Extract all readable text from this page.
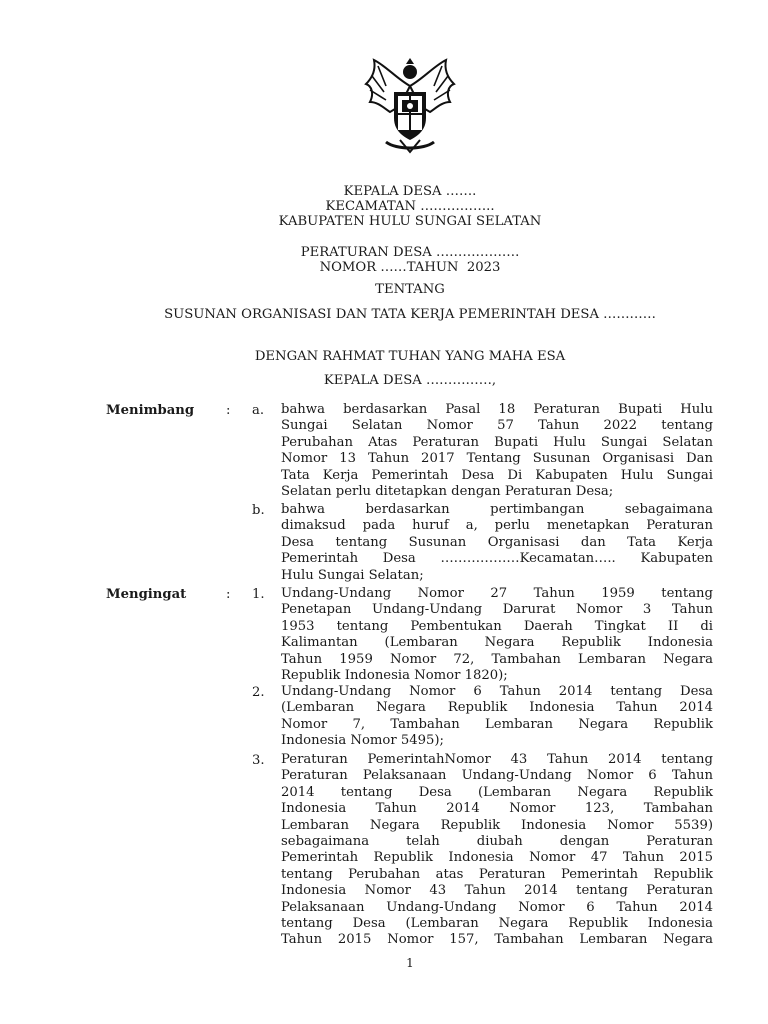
KEPALA DESA …….
KECAMATAN ……………..
KABUPATEN HULU SUNGAI SELATAN
PERATURAN DESA ……………….
NOMOR ……TAHUN  2023
TENTANG
SUSUNAN ORGANISASI DAN TATA KERJA PEMERINTAH DESA …………
DENGAN RAHMAT TUHAN YANG MAHA ESA
KEPALA DESA ……………,
Menimbang : a. bahwa berdasarkan Pasal 18 Peraturan Bupati Hulu
Sungai Selatan Nomor 57 Tahun 2022 tentang
Perubahan Atas Peraturan Bupati Hulu Sungai Selatan
Nomor 13 Tahun 2017 Tentang Susunan Organisasi Dan
Tata Kerja Pemerintah Desa Di Kabupaten Hulu Sungai
Selatan perlu ditetapkan dengan Peraturan Desa;
b. bahwa berdasarkan pertimbangan sebagaimana
dimaksud pada huruf a, perlu menetapkan Peraturan
Desa tentang Susunan Organisasi dan Tata Kerja
Pemerintah Desa ………………Kecamatan….. Kabupaten
Hulu Sungai Selatan;
Mengingat	: 1. Undang-Undang Nomor 27 Tahun 1959 tentang
Penetapan Undang-Undang Darurat Nomor 3 Tahun
1953 tentang Pembentukan Daerah Tingkat II di
Kalimantan (Lembaran Negara Republik Indonesia
Tahun 1959 Nomor 72, Tambahan Lembaran Negara
Republik Indonesia Nomor 1820);
2. Undang-Undang Nomor 6 Tahun 2014 tentang Desa
(Lembaran Negara Republik Indonesia Tahun 2014
Nomor 7, Tambahan Lembaran Negara Republik
Indonesia Nomor 5495);
3. Peraturan PemerintahNomor 43 Tahun 2014 tentang
Peraturan Pelaksanaan Undang-Undang Nomor 6 Tahun
2014 tentang Desa (Lembaran Negara Republik
Indonesia Tahun 2014 Nomor 123, Tambahan
Lembaran Negara Republik Indonesia Nomor 5539)
sebagaimana telah diubah dengan Peraturan
Pemerintah Republik Indonesia Nomor 47 Tahun 2015
tentang Perubahan atas Peraturan Pemerintah Republik
Indonesia Nomor 43 Tahun 2014 tentang Peraturan
Pelaksanaan Undang-Undang Nomor 6 Tahun 2014
tentang Desa (Lembaran Negara Republik Indonesia
Tahun 2015 Nomor 157, Tambahan Lembaran Negara
1
